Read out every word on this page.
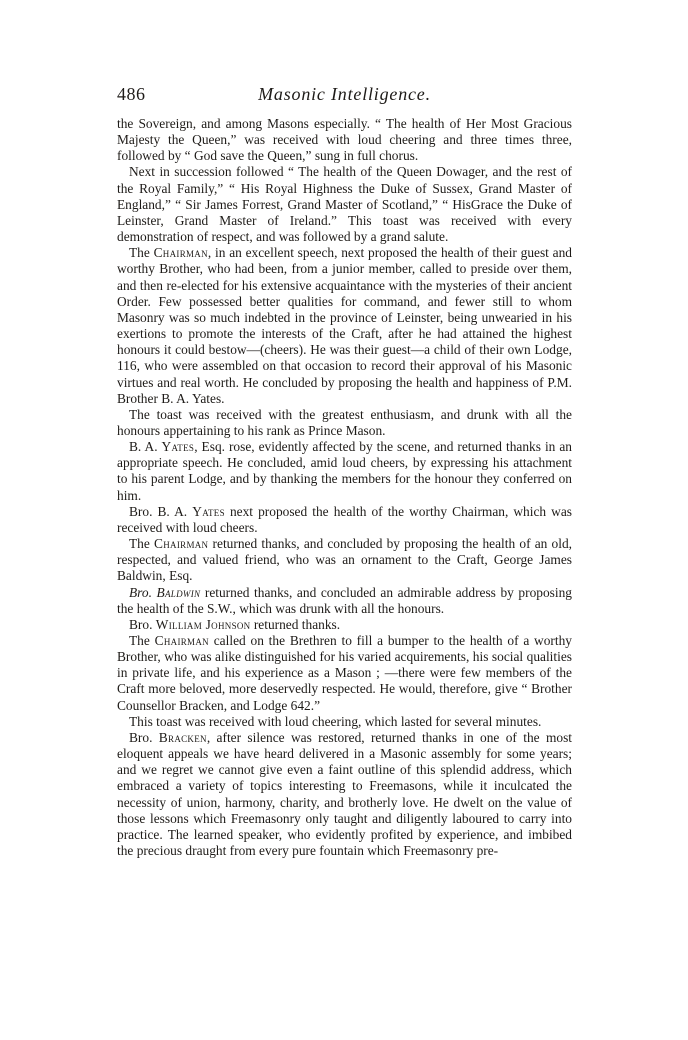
486	Masonic Intelligence.

the Sovereign, and among Masons especially. “ The health of Her Most Gracious Majesty the Queen,” was received with loud cheering and three times three, followed by “ God save the Queen,” sung in full chorus.

Next in succession followed “ The health of the Queen Dowager, and the rest of the Royal Family,” “ His Royal Highness the Duke of Sussex, Grand Master of England,” “ Sir James Forrest, Grand Master of Scotland,” “ HisGrace the Duke of Leinster, Grand Master of Ireland.” This toast was received with every demonstration of respect, and was followed by a grand salute.

The Chairman, in an excellent speech, next proposed the health of their guest and worthy Brother, who had been, from a junior member, called to preside over them, and then re-elected for his extensive acquaintance with the mysteries of their ancient Order. Few possessed better qualities for command, and fewer still to whom Masonry was so much indebted in the province of Leinster, being unwearied in his exertions to promote the interests of the Craft, after he had attained the highest honours it could bestow—(cheers). He was their guest—a child of their own Lodge, 116, who were assembled on that occasion to record their approval of his Masonic virtues and real worth. He concluded by proposing the health and happiness of P.M. Brother B. A. Yates.

The toast was received with the greatest enthusiasm, and drunk with all the honours appertaining to his rank as Prince Mason.

B. A. Yates, Esq. rose, evidently affected by the scene, and returned thanks in an appropriate speech. He concluded, amid loud cheers, by expressing his attachment to his parent Lodge, and by thanking the members for the honour they conferred on him.

Bro. B. A. Yates next proposed the health of the worthy Chairman, which was received with loud cheers.

The Chairman returned thanks, and concluded by proposing the health of an old, respected, and valued friend, who was an ornament to the Craft, George James Baldwin, Esq.

Bro. Baldwin returned thanks, and concluded an admirable address by proposing the health of the S.W., which was drunk with all the honours.

Bro. William Johnson returned thanks.

The Chairman called on the Brethren to fill a bumper to the health of a worthy Brother, who was alike distinguished for his varied acquirements, his social qualities in private life, and his experience as a Mason ; —there were few members of the Craft more beloved, more deservedly respected. He would, therefore, give “ Brother Counsellor Bracken, and Lodge 642.”

This toast was received with loud cheering, which lasted for several minutes.

Bro. Bracken, after silence was restored, returned thanks in one of the most eloquent appeals we have heard delivered in a Masonic assembly for some years; and we regret we cannot give even a faint outline of this splendid address, which embraced a variety of topics interesting to Freemasons, while it inculcated the necessity of union, harmony, charity, and brotherly love. He dwelt on the value of those lessons which Freemasonry only taught and diligently laboured to carry into practice. The learned speaker, who evidently profited by experience, and imbibed the precious draught from every pure fountain which Freemasonry pre-
